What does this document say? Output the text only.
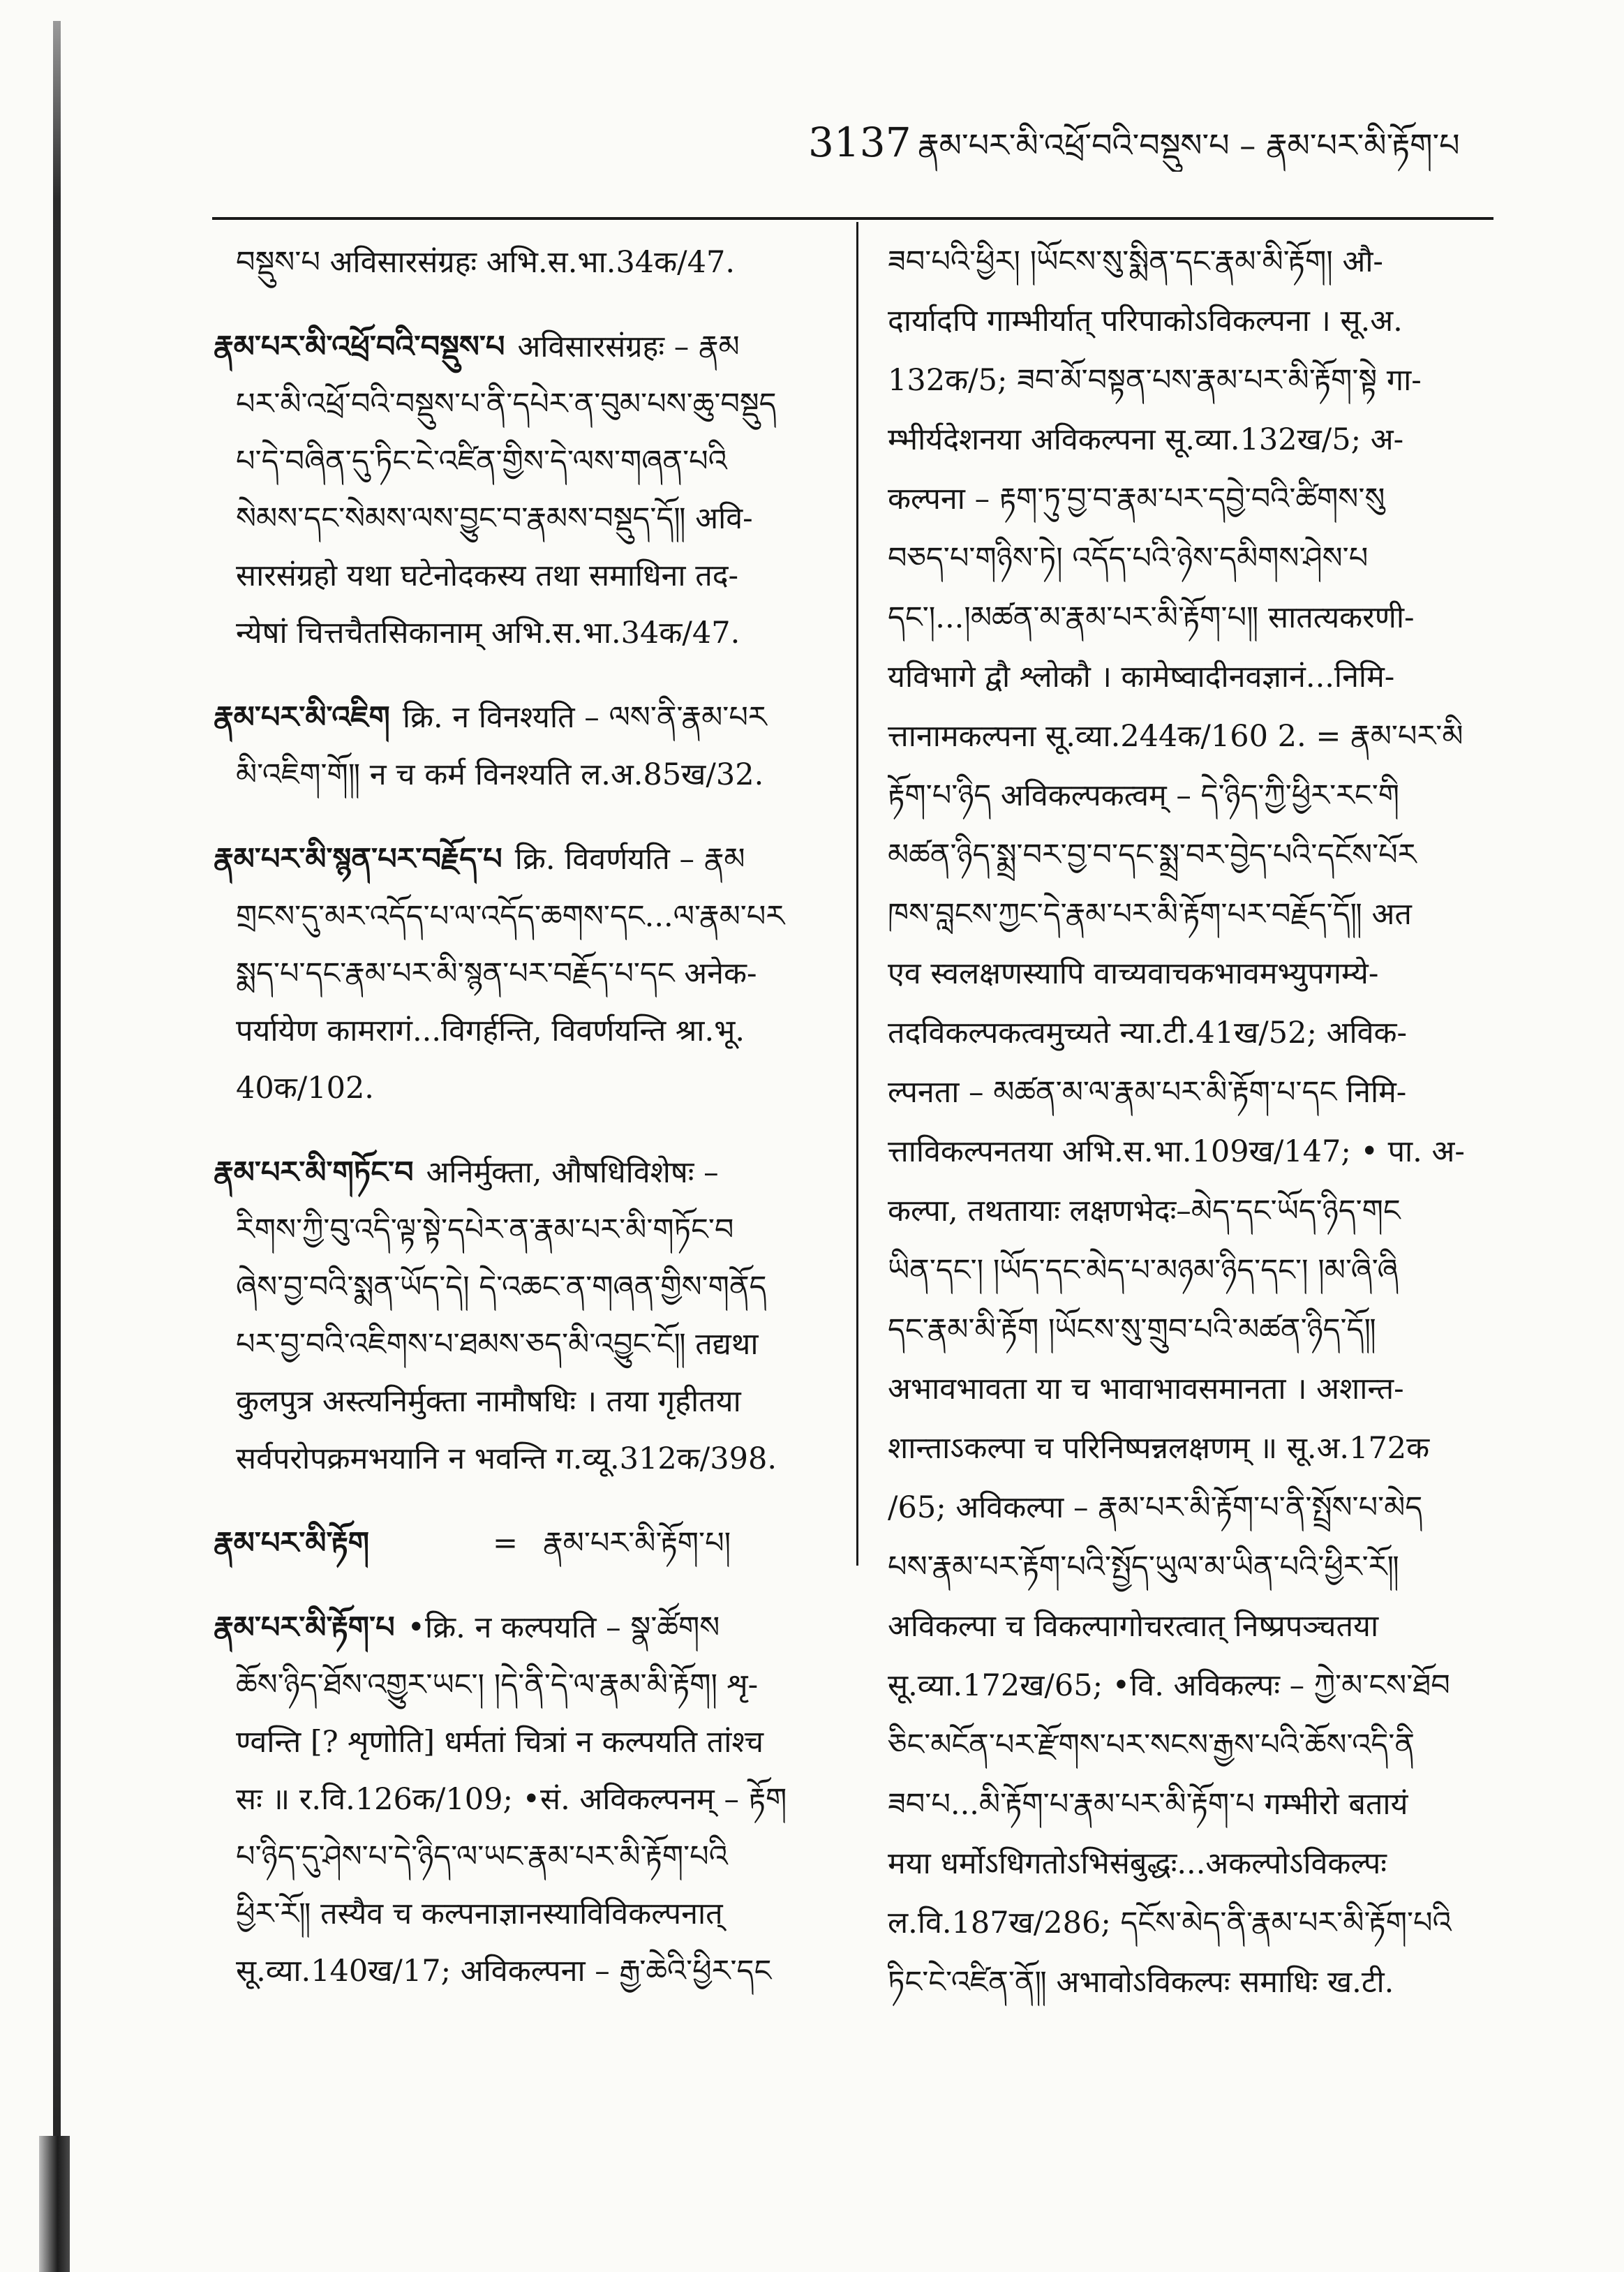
3137 རྣམ་པར་མི་འཕྲོ་བའི་བསྡུས་པ – རྣམ་པར་མི་རྟོག་པ
བསྡུས་པ अविसारसंग्रहः अभि.स.भा.34क/47.
རྣམ་པར་མི་འཕྲོ་བའི་བསྡུས་པ अविसारसंग्रहः – རྣམ
པར་མི་འཕྲོ་བའི་བསྡུས་པ་ནི་དཔེར་ན་བུམ་པས་ཆུ་བསྡུད
པ་དེ་བཞིན་དུ་ཏིང་ངེ་འཛིན་གྱིས་དེ་ལས་གཞན་པའི
སེམས་དང་སེམས་ལས་བྱུང་བ་རྣམས་བསྡུད་དོ༎ अवि-
सारसंग्रहो यथा घटेनोदकस्य तथा समाधिना तद-
न्येषां चित्तचैतसिकानाम् अभि.स.भा.34क/47.
རྣམ་པར་མི་འཇིག क्रि. न विनश्यति – ལས་ནི་རྣམ་པར
མི་འཇིག་གོ༎ न च कर्म विनश्यति ल.अ.85ख/32.
རྣམ་པར་མི་སྙན་པར་བརྗོད་པ क्रि. विवर्णयति – རྣམ
གྲངས་དུ་མར་འདོད་པ་ལ་འདོད་ཆགས་དང...ལ་རྣམ་པར
སྨད་པ་དང་རྣམ་པར་མི་སྙན་པར་བརྗོད་པ་དང अनेक-
पर्यायेण कामरागं...विगर्हन्ति, विवर्णयन्ति श्रा.भू.
40क/102.
རྣམ་པར་མི་གཏོང་བ अनिर्मुक्ता, औषधिविशेषः –
རིགས་ཀྱི་བུ་འདི་ལྟ་སྟེ་དཔེར་ན་རྣམ་པར་མི་གཏོང་བ
ཞེས་བྱ་བའི་སྨན་ཡོད་དེ། དེ་འཆང་ན་གཞན་གྱིས་གནོད
པར་བྱ་བའི་འཇིགས་པ་ཐམས་ཅད་མི་འབྱུང་ངོ༎ तद्यथा
कुलपुत्र अस्त्यनिर्मुक्ता नामौषधिः । तया गृहीतया
सर्वपरोपक्रमभयानि न भवन्ति ग.व्यू.312क/398.
རྣམ་པར་མི་རྟོག	= རྣམ་པར་མི་རྟོག་པ།
རྣམ་པར་མི་རྟོག་པ •क्रि. न कल्पयति – སྣ་ཚོགས
ཆོས་ཉིད་ཐོས་འགྱུར་ཡང་། །དེ་ནི་དེ་ལ་རྣམ་མི་རྟོག། शृ-
ण्वन्ति [? शृणोति] धर्मतां चित्रां न कल्पयति तांश्च
सः ॥ र.वि.126क/109; •सं. अविकल्पनम् – རྟོག
པ་ཉིད་དུ་ཤེས་པ་དེ་ཉིད་ལ་ཡང་རྣམ་པར་མི་རྟོག་པའི
ཕྱིར་རོ༎ तस्यैव च कल्पनाज्ञानस्याविविकल्पनात्
सू.व्या.140ख/17; अविकल्पना – རྒྱ་ཆེའི་ཕྱིར་དང
ཟབ་པའི་ཕྱིར། །ཡོངས་སུ་སྨིན་དང་རྣམ་མི་རྟོག། औ-
दार्यादपि गाम्भीर्यात् परिपाकोऽविकल्पना । सू.अ.
132क/5; ཟབ་མོ་བསྟན་པས་རྣམ་པར་མི་རྟོག་སྟེ गा-
म्भीर्यदेशनया अविकल्पना सू.व्या.132ख/5; अ-
कल्पना – རྟག་ཏུ་བྱ་བ་རྣམ་པར་དབྱེ་བའི་ཚིགས་སུ
བཅད་པ་གཉིས་ཏེ། འདོད་པའི་ཉེས་དམིགས་ཤེས་པ
དང་།...།མཚན་མ་རྣམ་པར་མི་རྟོག་པ༎ सातत्यकरणी-
यविभागे द्वौ श्लोकौ । कामेष्वादीनवज्ञानं...निमि-
त्तानामकल्पना सू.व्या.244क/160 2. = རྣམ་པར་མི
རྟོག་པ་ཉིད अविकल्पकत्वम् – དེ་ཉིད་ཀྱི་ཕྱིར་རང་གི
མཚན་ཉིད་སྨྲ་བར་བྱ་བ་དང་སྨྲ་བར་བྱེད་པའི་དངོས་པོར
ཁས་བླངས་ཀྱང་དེ་རྣམ་པར་མི་རྟོག་པར་བརྗོད་དོ༎ अत
एव स्वलक्षणस्यापि वाच्यवाचकभावमभ्युपगम्ये-
तदविकल्पकत्वमुच्यते न्या.टी.41ख/52; अविक-
ल्पनता – མཚན་མ་ལ་རྣམ་པར་མི་རྟོག་པ་དང निमि-
त्ताविकल्पनतया अभि.स.भा.109ख/147; • पा. अ-
कल्पा, तथतायाः लक्षणभेदः–མེད་དང་ཡོད་ཉིད་གང
ཡིན་དང་། །ཡོད་དང་མེད་པ་མཉམ་ཉིད་དང་། །མ་ཞི་ཞི
དང་རྣམ་མི་རྟོག །ཡོངས་སུ་གྲུབ་པའི་མཚན་ཉིད་དོ༎
अभावभावता या च भावाभावसमानता । अशान्त-
शान्ताऽकल्पा च परिनिष्पन्नलक्षणम् ॥ सू.अ.172क
/65; अविकल्पा – རྣམ་པར་མི་རྟོག་པ་ནི་སྤྲོས་པ་མེད
པས་རྣམ་པར་རྟོག་པའི་སྤྱོད་ཡུལ་མ་ཡིན་པའི་ཕྱིར་རོ༎
अविकल्पा च विकल्पागोचरत्वात् निष्प्रपञ्चतया
सू.व्या.172ख/65; •वि. अविकल्पः – ཀྱེ་མ་ངས་ཐོབ
ཅིང་མངོན་པར་རྫོགས་པར་སངས་རྒྱས་པའི་ཆོས་འདི་ནི
ཟབ་པ...མི་རྟོག་པ་རྣམ་པར་མི་རྟོག་པ गम्भीरो बतायं
मया धर्मोऽधिगतोऽभिसंबुद्धः...अकल्पोऽविकल्पः
ल.वि.187ख/286; དངོས་མེད་ནི་རྣམ་པར་མི་རྟོག་པའི
ཏིང་ངེ་འཛིན་ནོ༎ अभावोऽविकल्पः समाधिः ख.टी.
